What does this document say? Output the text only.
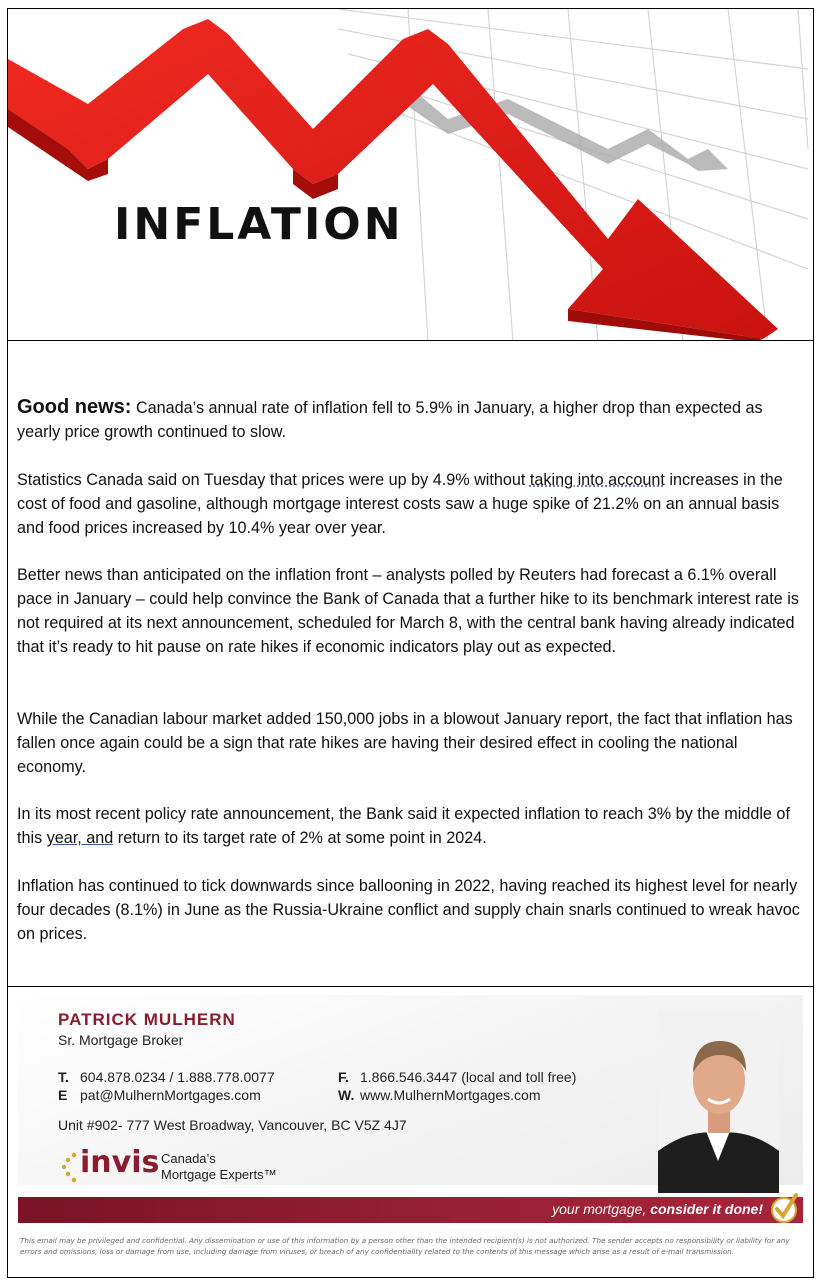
INFLATION

Good news: Canada’s annual rate of inflation fell to 5.9% in January, a higher drop than expected as yearly price growth continued to slow.

Statistics Canada said on Tuesday that prices were up by 4.9% without taking into account increases in the cost of food and gasoline, although mortgage interest costs saw a huge spike of 21.2% on an annual basis and food prices increased by 10.4% year over year.

Better news than anticipated on the inflation front – analysts polled by Reuters had forecast a 6.1% overall pace in January – could help convince the Bank of Canada that a further hike to its benchmark interest rate is not required at its next announcement, scheduled for March 8, with the central bank having already indicated that it’s ready to hit pause on rate hikes if economic indicators play out as expected.

While the Canadian labour market added 150,000 jobs in a blowout January report, the fact that inflation has fallen once again could be a sign that rate hikes are having their desired effect in cooling the national economy.

In its most recent policy rate announcement, the Bank said it expected inflation to reach 3% by the middle of this year, and return to its target rate of 2% at some point in 2024.

Inflation has continued to tick downwards since ballooning in 2022, having reached its highest level for nearly four decades (8.1%) in June as the Russia-Ukraine conflict and supply chain snarls continued to wreak havoc on prices.

PATRICK MULHERN
Sr. Mortgage Broker
T. 604.878.0234 / 1.888.778.0077	F. 1.866.546.3447 (local and toll free)
E pat@MulhernMortgages.com	W. www.MulhernMortgages.com
Unit #902- 777 West Broadway, Vancouver, BC V5Z 4J7
invis Canada’s
Mortgage Experts™
your mortgage, consider it done!
This email may be privileged and confidential. Any dissemination or use of this information by a person other than the intended recipient(s) is not authorized. The sender accepts no responsibility or liability for any errors and omissions, loss or damage from use, including damage from viruses, or breach of any confidentiality related to the contents of this message which arise as a result of e-mail transmission.
